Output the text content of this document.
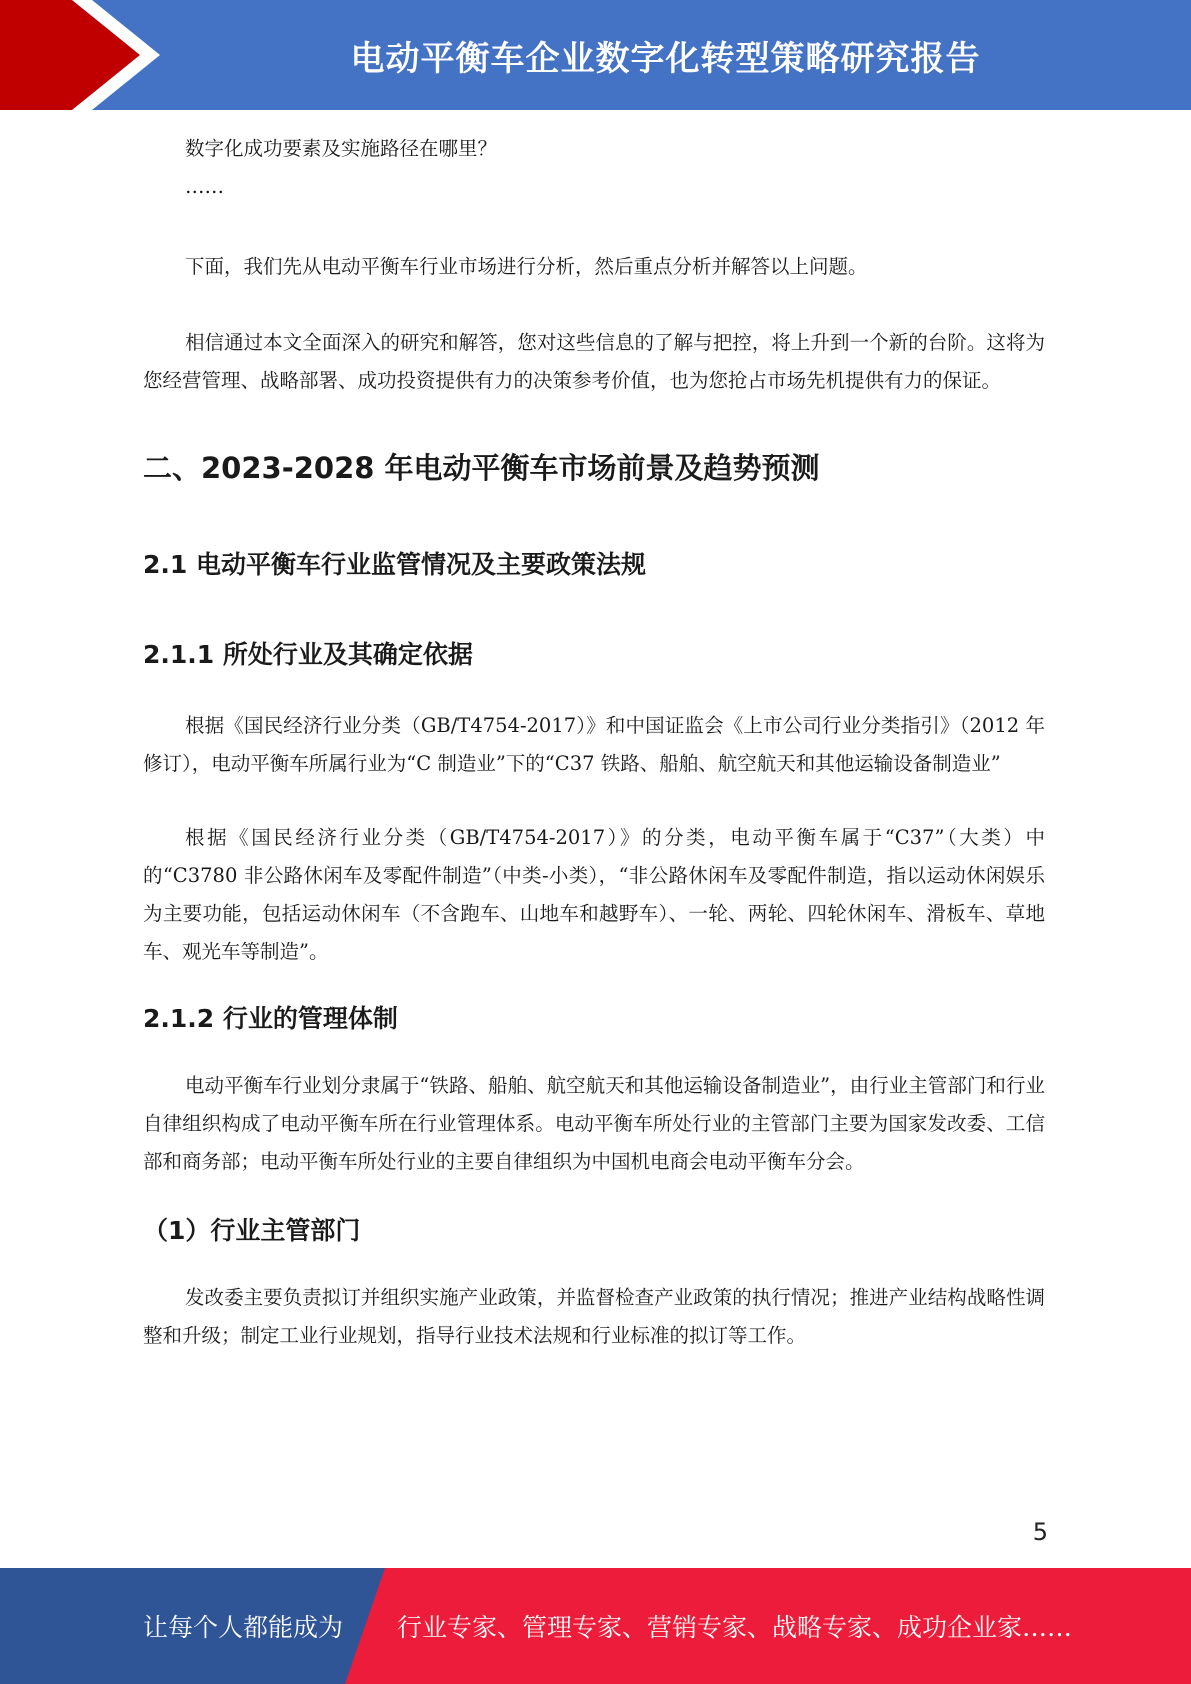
电动平衡车企业数字化转型策略研究报告

数字化成功要素及实施路径在哪里？

……

下面，我们先从电动平衡车行业市场进行分析，然后重点分析并解答以上问题。

相信通过本文全面深入的研究和解答，您对这些信息的了解与把控，将上升到一个新的台阶。这将为您经营管理、战略部署、成功投资提供有力的决策参考价值，也为您抢占市场先机提供有力的保证。

二、2023-2028 年电动平衡车市场前景及趋势预测
2.1 电动平衡车行业监管情况及主要政策法规
2.1.1 所处行业及其确定依据

根据《国民经济行业分类（GB/T4754-2017）》和中国证监会《上市公司行业分类指引》（2012 年修订），电动平衡车所属行业为“C 制造业”下的“C37 铁路、船舶、航空航天和其他运输设备制造业”

根据《国民经济行业分类（GB/T4754-2017）》的分类，电动平衡车属于“C37”（大类）中的“C3780 非公路休闲车及零配件制造”（中类-小类），“非公路休闲车及零配件制造，指以运动休闲娱乐为主要功能，包括运动休闲车（不含跑车、山地车和越野车）、一轮、两轮、四轮休闲车、滑板车、草地车、观光车等制造”。

2.1.2 行业的管理体制

电动平衡车行业划分隶属于“铁路、船舶、航空航天和其他运输设备制造业”，由行业主管部门和行业自律组织构成了电动平衡车所在行业管理体系。电动平衡车所处行业的主管部门主要为国家发改委、工信部和商务部；电动平衡车所处行业的主要自律组织为中国机电商会电动平衡车分会。

（1）行业主管部门

发改委主要负责拟订并组织实施产业政策，并监督检查产业政策的执行情况；推进产业结构战略性调整和升级；制定工业行业规划，指导行业技术法规和行业标准的拟订等工作。

5
让每个人都能成为 行业专家、管理专家、营销专家、战略专家、成功企业家……
